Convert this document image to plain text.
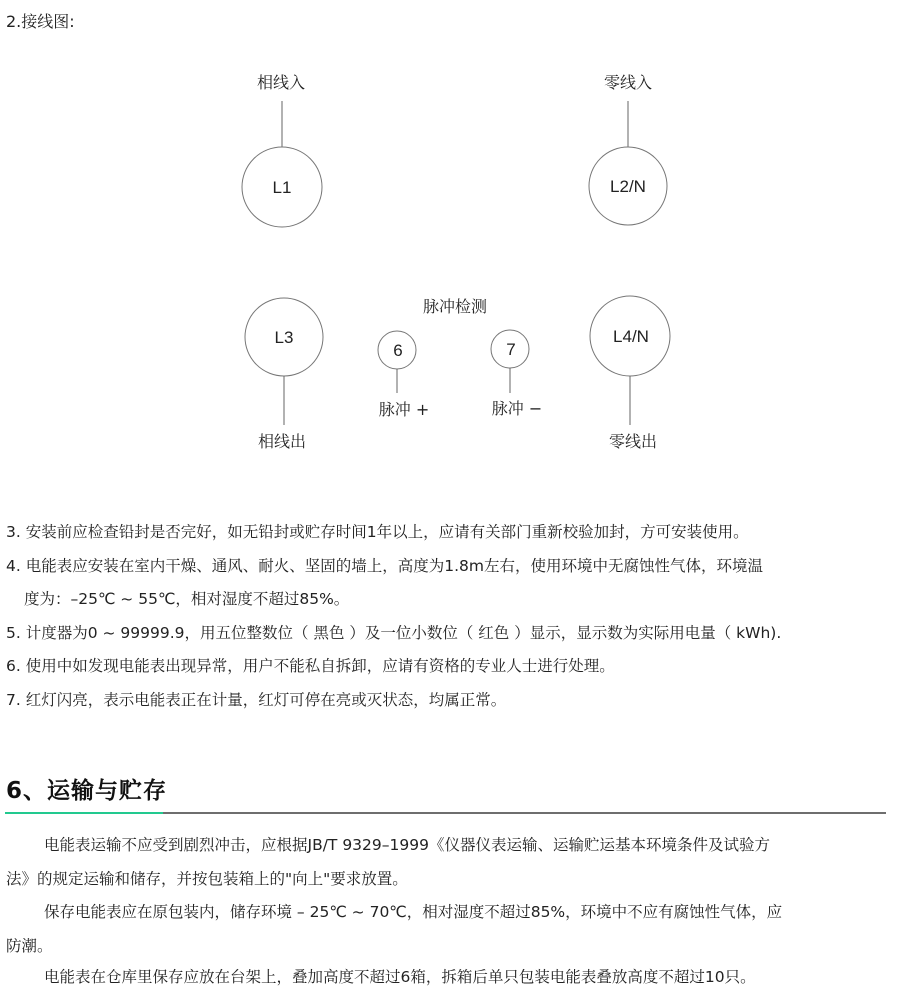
2.接线图:
相线入
L1
零线入
L2/N
L3
相线出
L4/N
零线出
脉冲检测
6
脉冲 +
7
脉冲 −
3. 安装前应检查铅封是否完好，如无铅封或贮存时间1年以上，应请有关部门重新校验加封，方可安装使用。
4. 电能表应安装在室内干燥、通风、耐火、坚固的墙上，高度为1.8m左右，使用环境中无腐蚀性气体，环境温
度为：–25℃ ~ 55℃，相对湿度不超过85%。
5. 计度器为0 ~ 99999.9，用五位整数位（ 黑色 ）及一位小数位（ 红色 ）显示，显示数为实际用电量（ kWh).
6. 使用中如发现电能表出现异常，用户不能私自拆卸，应请有资格的专业人士进行处理。
7. 红灯闪亮，表示电能表正在计量，红灯可停在亮或灭状态，均属正常。
6、运输与贮存
电能表运输不应受到剧烈冲击，应根据JB/T 9329–1999《仪器仪表运输、运输贮运基本环境条件及试验方
法》的规定运输和储存，并按包装箱上的"向上"要求放置。
保存电能表应在原包装内，储存环境 – 25℃ ~ 70℃，相对湿度不超过85%，环境中不应有腐蚀性气体，应
防潮。
电能表在仓库里保存应放在台架上，叠加高度不超过6箱，拆箱后单只包装电能表叠放高度不超过10只。
